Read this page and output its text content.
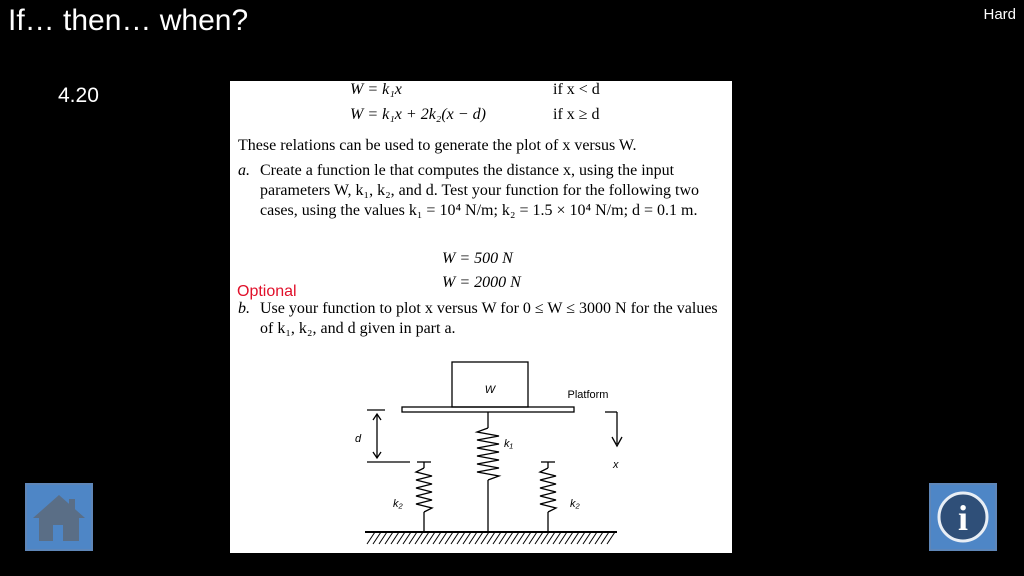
If… then… when?	Hard
4.20	W = k₁x	if x < d
W = k₁x + 2k₂(x − d)	if x ≥ d
These relations can be used to generate the plot of x versus W.
a. Create a function le that computes the distance x, using the input parameters W, k₁, k₂, and d. Test your function for the following two cases, using the values k₁ = 10⁴ N/m; k₂ = 1.5 × 10⁴ N/m; d = 0.1 m.
W = 500 N
W = 2000 N
Optional
b. Use your function to plot x versus W for 0 ≤ W ≤ 3000 N for the values of k₁, k₂, and d given in part a.
W	Platform
x
d	k₁
k₂	k₂	i
